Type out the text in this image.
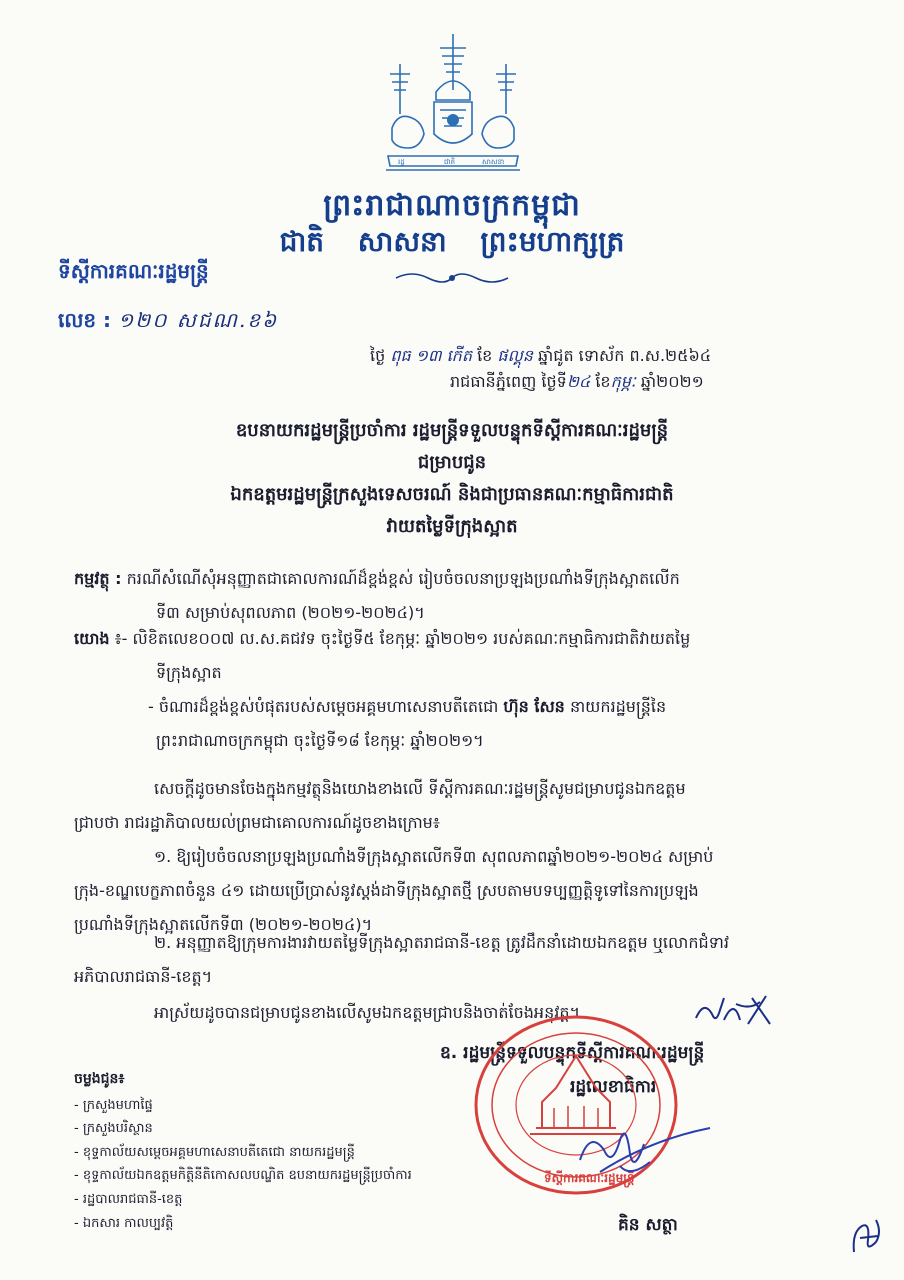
រដ្ឋ	ជាតិ	សាសនា
ព្រះរាជាណាចក្រកម្ពុជា
ជាតិ សាសនា ព្រះមហាក្សត្រ
ទីស្ដីការគណៈរដ្ឋមន្ត្រី
លេខ : ១២០ សជណ.ខ៦
ថ្ងៃ ពុធ ១៣ កើត ខែ ផល្គុន ឆ្នាំជូត ទោស័ក ព.ស.២៥៦៤
រាជធានីភ្នំពេញ ថ្ងៃទី២៤ ខែកុម្ភៈ ឆ្នាំ២០២១
ឧបនាយករដ្ឋមន្ត្រីប្រចាំការ រដ្ឋមន្ត្រីទទួលបន្ទុកទីស្ដីការគណៈរដ្ឋមន្ត្រី
ជម្រាបជូន
ឯកឧត្តមរដ្ឋមន្ត្រីក្រសួងទេសចរណ៍ និងជាប្រធានគណៈកម្មាធិការជាតិ
វាយតម្លៃទីក្រុងស្អាត
កម្មវត្ថុ : ករណីសំណើសុំអនុញ្ញាតជាគោលការណ៍ដ៏ខ្ពង់ខ្ពស់ រៀបចំចលនាប្រឡងប្រណាំងទីក្រុងស្អាតលើក
ទី៣ សម្រាប់សុពលភាព (២០២១-២០២៤)។
យោង ៖- លិខិតលេខ០០៧ ល.ស.គជវទ ចុះថ្ងៃទី៥ ខែកុម្ភៈ ឆ្នាំ២០២១ របស់គណៈកម្មាធិការជាតិវាយតម្លៃ
ទីក្រុងស្អាត
- ចំណារដ៏ខ្ពង់ខ្ពស់បំផុតរបស់សម្ដេចអគ្គមហាសេនាបតីតេជោ ហ៊ុន សែន នាយករដ្ឋមន្ត្រីនៃ
ព្រះរាជាណាចក្រកម្ពុជា ចុះថ្ងៃទី១៨ ខែកុម្ភៈ ឆ្នាំ២០២១។
សេចក្ដីដូចមានចែងក្នុងកម្មវត្ថុនិងយោងខាងលើ ទីស្ដីការគណៈរដ្ឋមន្ត្រីសូមជម្រាបជូនឯកឧត្តម
ជ្រាបថា រាជរដ្ឋាភិបាលយល់ព្រមជាគោលការណ៍ដូចខាងក្រោម៖
១. ឱ្យរៀបចំចលនាប្រឡងប្រណាំងទីក្រុងស្អាតលើកទី៣ សុពលភាពឆ្នាំ២០២១-២០២៤ សម្រាប់
ក្រុង-ខណ្ឌបេក្ខភាពចំនួន ៤១ ដោយប្រើប្រាស់នូវស្តង់ដាទីក្រុងស្អាតថ្មី ស្របតាមបទប្បញ្ញត្តិទូទៅនៃការប្រឡង
ប្រណាំងទីក្រុងស្អាតលើកទី៣ (២០២១-២០២៤)។
២. អនុញ្ញាតឱ្យក្រុមការងារវាយតម្លៃទីក្រុងស្អាតរាជធានី-ខេត្ត ត្រូវដឹកនាំដោយឯកឧត្តម ឬលោកជំទាវ
អភិបាលរាជធានី-ខេត្ត។
អាស្រ័យដូចបានជម្រាបជូនខាងលើសូមឯកឧត្តមជ្រាបនិងចាត់ចែងអនុវត្ត។
ឧ. រដ្ឋមន្ត្រីទទួលបន្ទុកទីស្ដីការគណៈរដ្ឋមន្ត្រី
រដ្ឋលេខាធិការ
គិន សត្ថា
ទីស្ដីការគណៈរដ្ឋមន្ត្រី
ចម្លងជូន៖
- ក្រសួងមហាផ្ទៃ
- ក្រសួងបរិស្ថាន
- ខុទ្ទកាល័យសម្ដេចអគ្គមហាសេនាបតីតេជោ នាយករដ្ឋមន្ត្រី
- ខុទ្ទកាល័យឯកឧត្តមកិត្តិនីតិកោសលបណ្ឌិត ឧបនាយករដ្ឋមន្ត្រីប្រចាំការ
- រដ្ឋបាលរាជធានី-ខេត្ត
- ឯកសារ កាលប្បវត្តិ
